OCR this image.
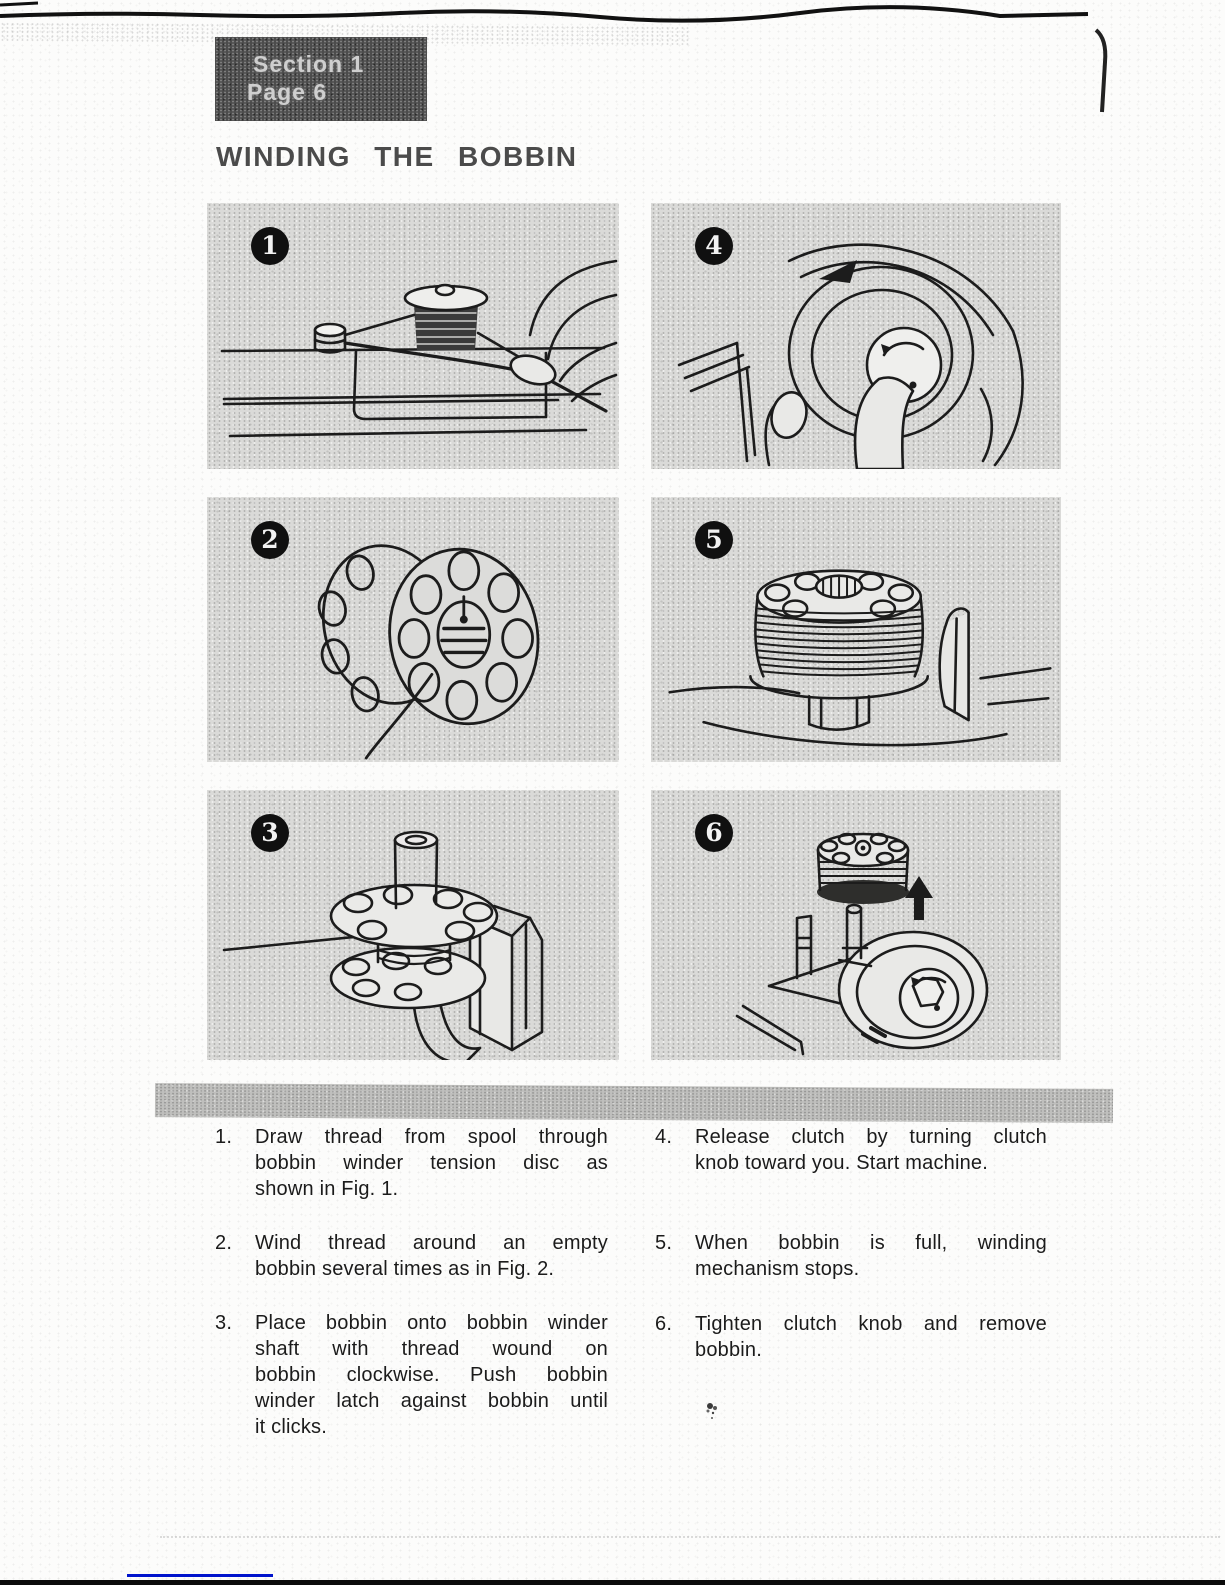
Section 1
Page 6
WINDING THE BOBBIN
1	4
2	5
3	6
1. Draw thread from spool through
bobbin winder tension disc as
shown in Fig. 1.
2. Wind thread around an empty
bobbin several times as in Fig. 2.
3. Place bobbin onto bobbin winder
shaft with thread wound on
bobbin clockwise. Push bobbin
winder latch against bobbin until
it clicks.
4. Release clutch by turning clutch
knob toward you. Start machine.
5. When bobbin is full, winding
mechanism stops.
6. Tighten clutch knob and remove
bobbin.
